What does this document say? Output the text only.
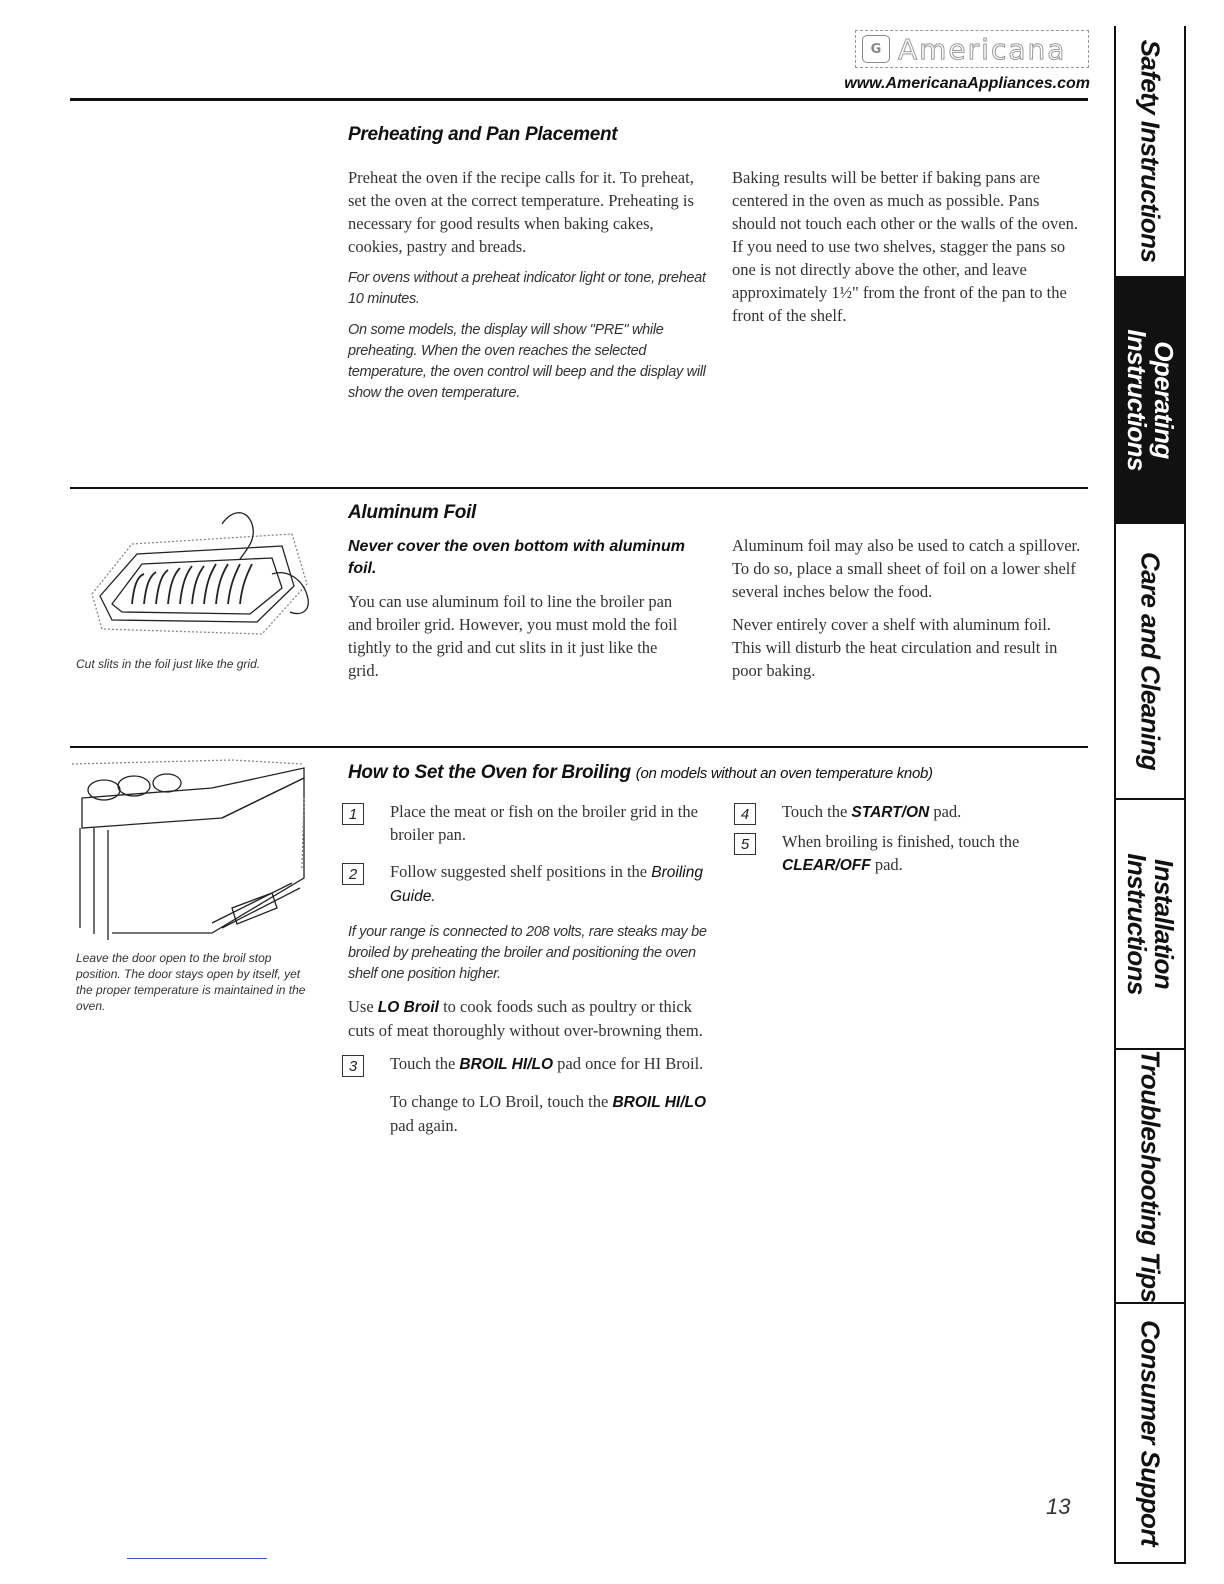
G Americana
www.AmericanaAppliances.com
Preheating and Pan Placement

Preheat the oven if the recipe calls for it. To preheat, set the oven at the correct temperature. Preheating is necessary for good results when baking cakes, cookies, pastry and breads.

For ovens without a preheat indicator light or tone, preheat 10 minutes.

On some models, the display will show "PRE" while preheating. When the oven reaches the selected temperature, the oven control will beep and the display will show the oven temperature.

Baking results will be better if baking pans are centered in the oven as much as possible. Pans should not touch each other or the walls of the oven. If you need to use two shelves, stagger the pans so one is not directly above the other, and leave approximately 1½" from the front of the pan to the front of the shelf.

Cut slits in the foil just like the grid.
Aluminum Foil

Never cover the oven bottom with aluminum foil.

You can use aluminum foil to line the broiler pan and broiler grid. However, you must mold the foil tightly to the grid and cut slits in it just like the grid.

Aluminum foil may also be used to catch a spillover. To do so, place a small sheet of foil on a lower shelf several inches below the food.

Never entirely cover a shelf with aluminum foil. This will disturb the heat circulation and result in poor baking.

Leave the door open to the broil stop position. The door stays open by itself, yet the proper temperature is maintained in the oven.
How to Set the Oven for Broiling (on models without an oven temperature knob)
1	Place the meat or fish on the broiler grid in the broiler pan.
2	Follow suggested shelf positions in the Broiling Guide.

If your range is connected to 208 volts, rare steaks may be broiled by preheating the broiler and positioning the oven shelf one position higher.

Use LO Broil to cook foods such as poultry or thick cuts of meat thoroughly without over-browning them.

3	Touch the BROIL HI/LO pad once for HI Broil.

To change to LO Broil, touch the BROIL HI/LO pad again.

4	Touch the START/ON pad.
5	When broiling is finished, touch the CLEAR/OFF pad.
Safety Instructions
Operating
Instructions
Care and Cleaning
Installation
Instructions
Troubleshooting Tips
Consumer Support
13
